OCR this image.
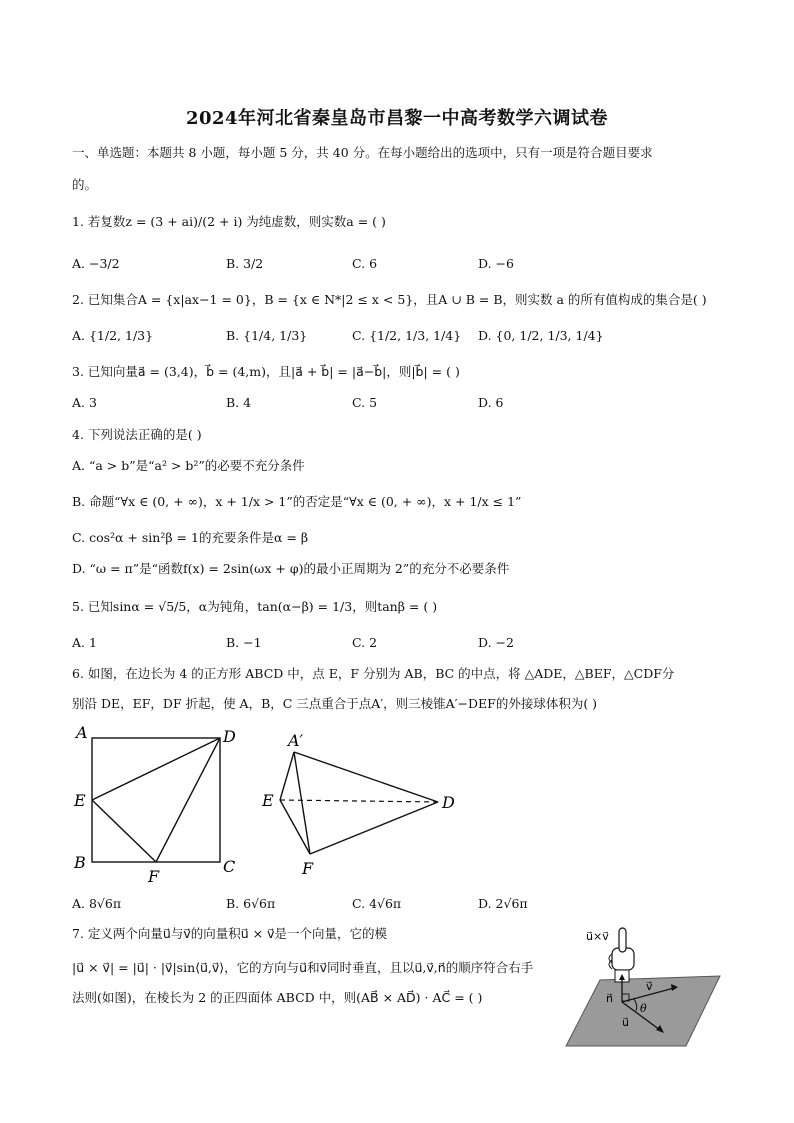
2024年河北省秦皇岛市昌黎一中高考数学六调试卷
一、单选题：本题共 8 小题，每小题 5 分，共 40 分。在每小题给出的选项中，只有一项是符合题目要求
的。
1. 若复数z = (3 + ai)/(2 + i) 为纯虚数，则实数a = ( )
A. −3/2	B. 3/2	C. 6	D. −6
2. 已知集合A = {x|ax−1 = 0}，B = {x ∈ N*|2 ≤ x < 5}，且A ∪ B = B，则实数 a 的所有值构成的集合是( )
A. {1/2, 1/3}	B. {1/4, 1/3}	C. {1/2, 1/3, 1/4} D. {0, 1/2, 1/3, 1/4}
3. 已知向量a⃗ = (3,4)，b⃗ = (4,m)，且|a⃗ + b⃗| = |a⃗−b⃗|，则|b⃗| = ( )
A. 3	B. 4	C. 5	D. 6
4. 下列说法正确的是( )
A. “a > b”是“a² > b²”的必要不充分条件
B. 命题“∀x ∈ (0, + ∞)，x + 1/x > 1”的否定是“∀x ∈ (0, + ∞)，x + 1/x ≤ 1”
C. cos²α + sin²β = 1的充要条件是α = β
D. “ω = π”是“函数f(x) = 2sin(ωx + φ)的最小正周期为 2”的充分不必要条件
5. 已知sinα = √5/5，α为钝角，tan(α−β) = 1/3，则tanβ = ( )
A. 1	B. −1	C. 2	D. −2
6. 如图，在边长为 4 的正方形 ABCD 中，点 E，F 分别为 AB，BC 的中点，将 △ADE，△BEF，△CDF分
别沿 DE，EF，DF 折起，使 A，B，C 三点重合于点A′，则三棱锥A′−DEF的外接球体积为( )
A	D
E
B
F
C
A′
E	D
F
A. 8√6π	B. 6√6π	C. 4√6π	D. 2√6π
7. 定义两个向量u⃗与v⃗的向量积u⃗ × v⃗是一个向量，它的模
|u⃗ × v⃗| = |u⃗| · |v⃗|sin⟨u⃗,v⃗⟩，它的方向与u⃗和v⃗同时垂直，且以u⃗,v⃗,n⃗的顺序符合右手
法则(如图)，在棱长为 2 的正四面体 ABCD 中，则(AB⃗ × AD⃗) · AC⃗ = ( )
u⃗×v⃗
n⃗
v⃗
θ
u⃗
